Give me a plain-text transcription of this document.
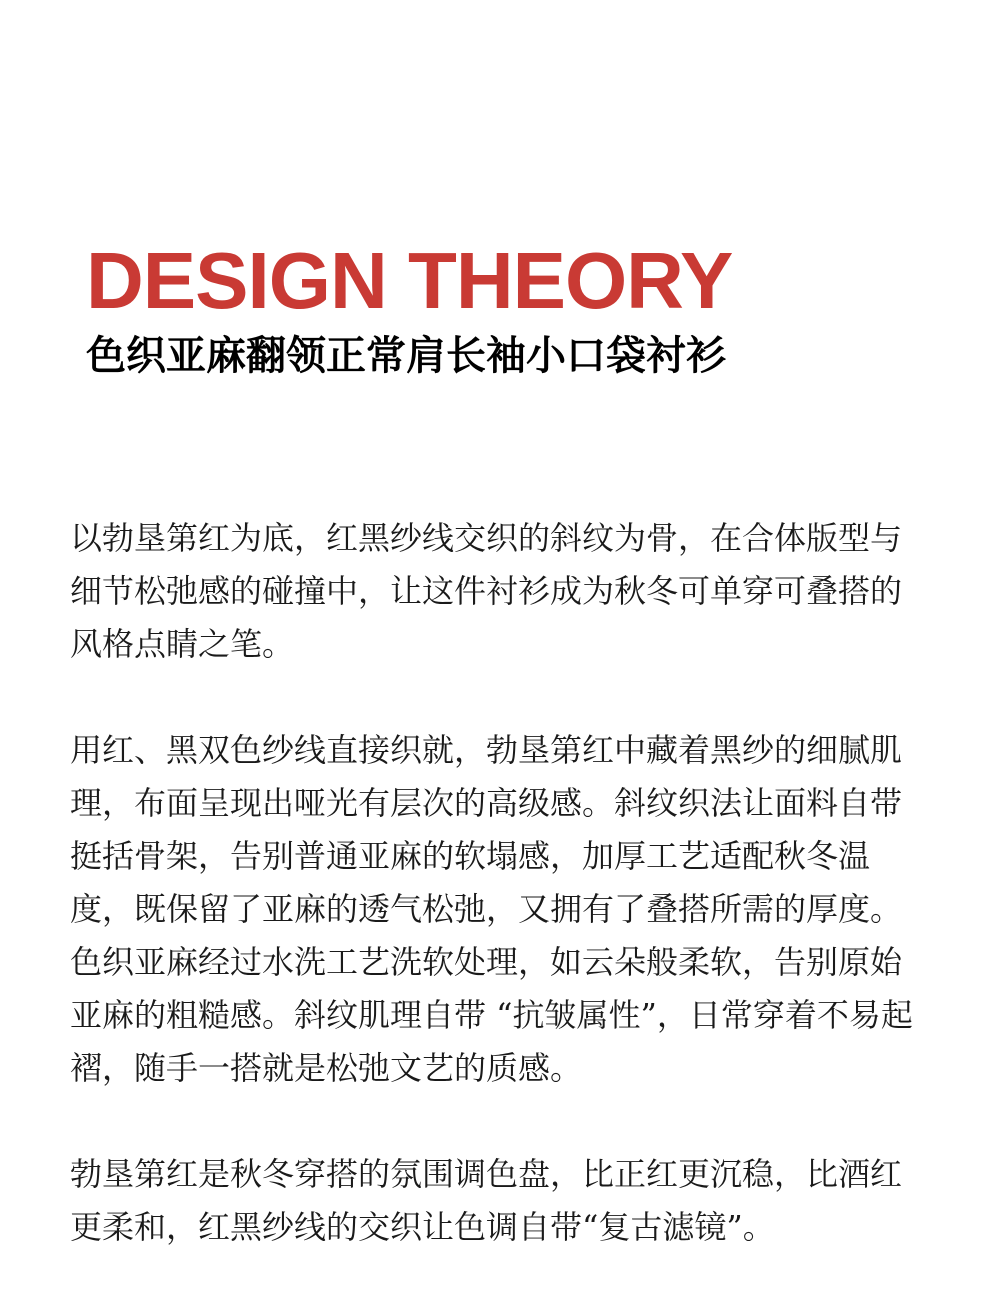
DESIGN THEORY
色织亚麻翻领正常肩长袖小口袋衬衫

以勃垦第红为底，红黑纱线交织的斜纹为骨，在合体版型与细节松弛感的碰撞中，让这件衬衫成为秋冬可单穿可叠搭的风格点睛之笔。

用红、黑双色纱线直接织就，勃垦第红中藏着黑纱的细腻肌理，布面呈现出哑光有层次的高级感。斜纹织法让面料自带挺括骨架，告别普通亚麻的软塌感，加厚工艺适配秋冬温度，既保留了亚麻的透气松弛，又拥有了叠搭所需的厚度。色织亚麻经过水洗工艺洗软处理，如云朵般柔软，告别原始亚麻的粗糙感。斜纹肌理自带 “抗皱属性”，日常穿着不易起褶，随手一搭就是松弛文艺的质感。

勃垦第红是秋冬穿搭的氛围调色盘，比正红更沉稳，比酒红更柔和，红黑纱线的交织让色调自带“复古滤镜”。
